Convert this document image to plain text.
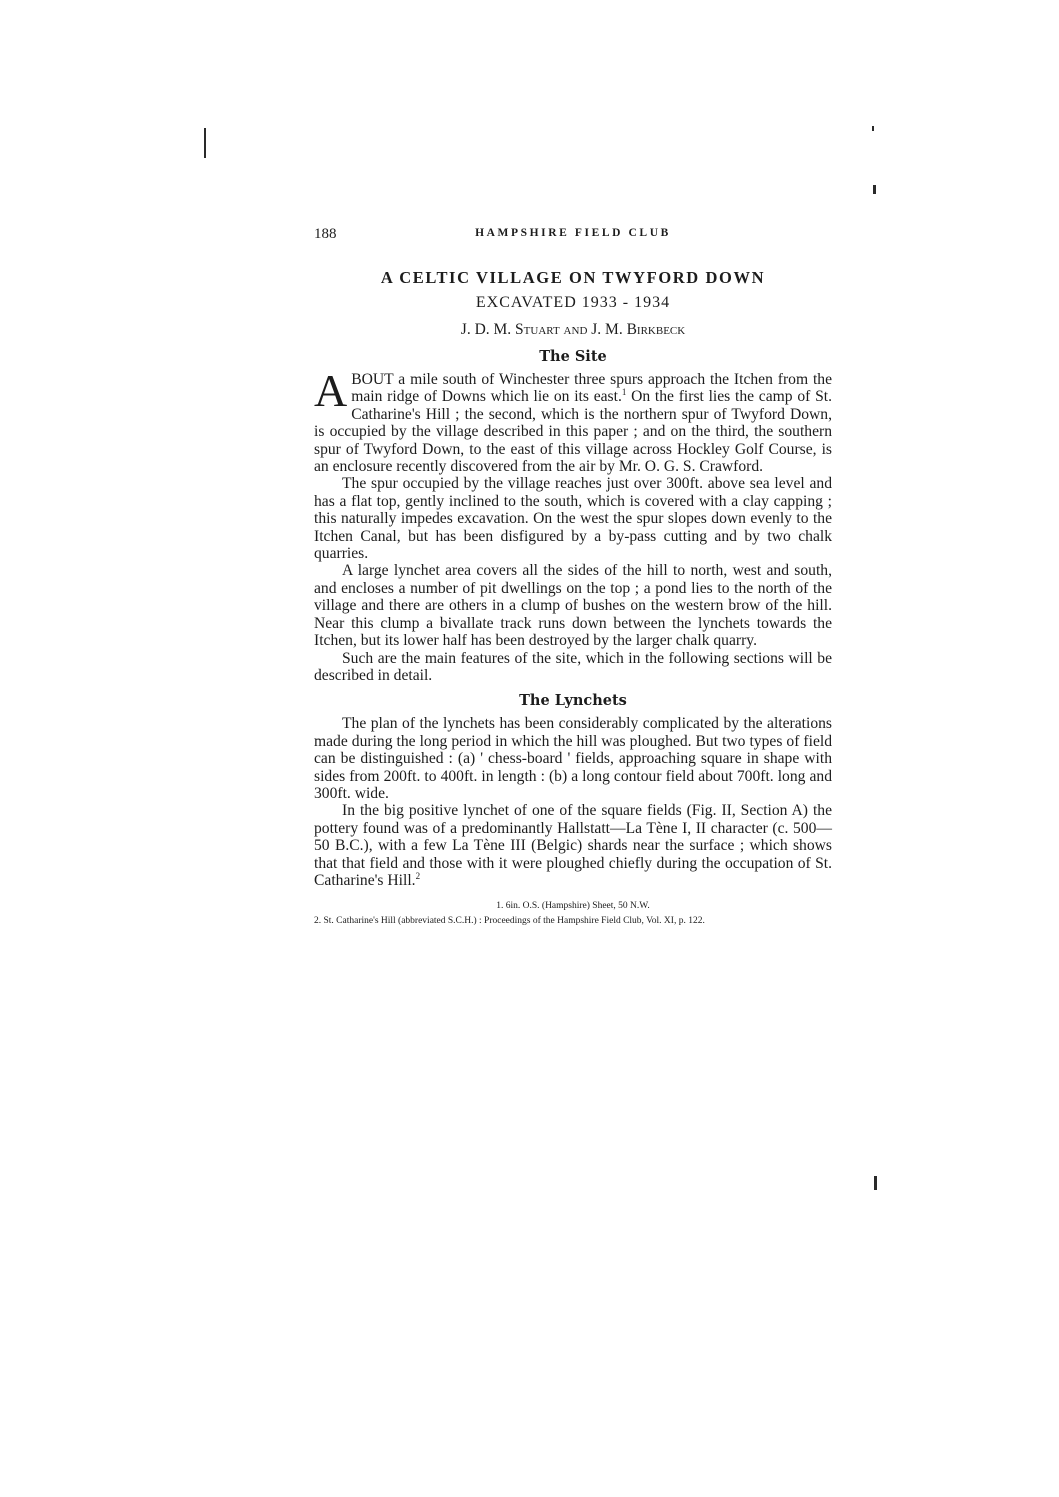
188	HAMPSHIRE FIELD CLUB
A CELTIC VILLAGE ON TWYFORD DOWN
EXCAVATED 1933 - 1934
J. D. M. Stuart and J. M. Birkbeck
The Site

ABOUT a mile south of Winchester three spurs approach the Itchen from the main ridge of Downs which lie on its east.$^1$ On the first lies the camp of St. Catharine's Hill ; the second, which is the northern spur of Twyford Down, is occupied by the village described in this paper ; and on the third, the southern spur of Twyford Down, to the east of this village across Hockley Golf Course, is an enclosure recently discovered from the air by Mr. O. G. S. Crawford.

The spur occupied by the village reaches just over 300ft. above sea level and has a flat top, gently inclined to the south, which is covered with a clay capping ; this naturally impedes excavation. On the west the spur slopes down evenly to the Itchen Canal, but has been disfigured by a by-pass cutting and by two chalk quarries.

A large lynchet area covers all the sides of the hill to north, west and south, and encloses a number of pit dwellings on the top ; a pond lies to the north of the village and there are others in a clump of bushes on the western brow of the hill. Near this clump a bivallate track runs down between the lynchets towards the Itchen, but its lower half has been destroyed by the larger chalk quarry.

Such are the main features of the site, which in the following sections will be described in detail.

The Lynchets

The plan of the lynchets has been considerably complicated by the alterations made during the long period in which the hill was ploughed. But two types of field can be distinguished : (a) ' chess-board ' fields, approaching square in shape with sides from 200ft. to 400ft. in length : (b) a long contour field about 700ft. long and 300ft. wide.

In the big positive lynchet of one of the square fields (Fig. II, Section A) the pottery found was of a predominantly Hallstatt—La Tène I, II character (c. 500—50 B.C.), with a few La Tène III (Belgic) shards near the surface ; which shows that that field and those with it were ploughed chiefly during the occupation of St. Catharine's Hill.$^2$

1. 6in. O.S. (Hampshire) Sheet, 50 N.W.
2. St. Catharine's Hill (abbreviated S.C.H.) : Proceedings of the Hampshire Field Club, Vol. XI, p. 122.
